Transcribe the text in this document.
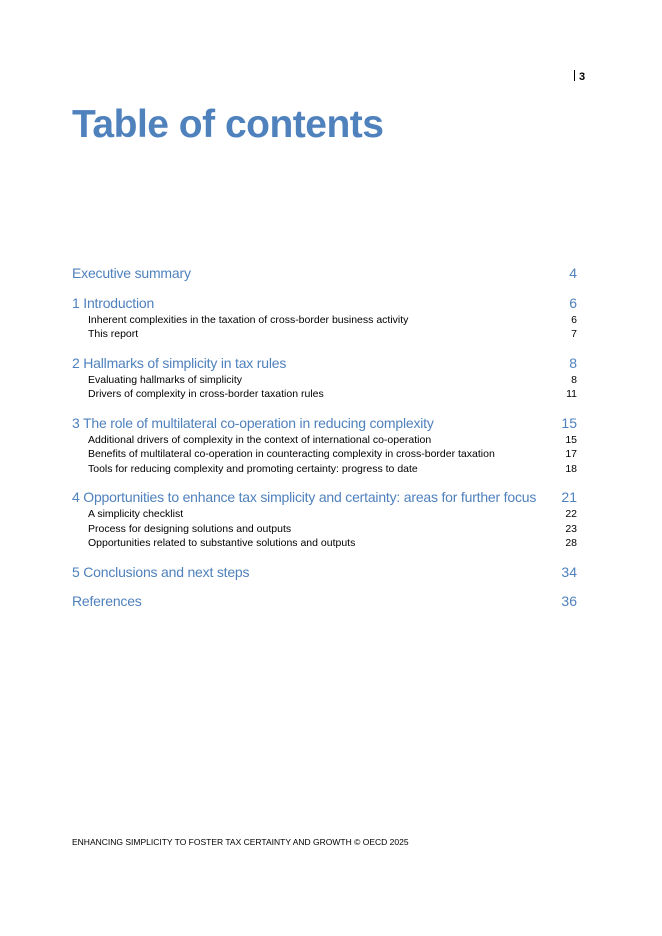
3
Table of contents
Executive summary	4
1 Introduction	6
Inherent complexities in the taxation of cross-border business activity	6
This report	7
2 Hallmarks of simplicity in tax rules	8
Evaluating hallmarks of simplicity	8
Drivers of complexity in cross-border taxation rules	11
3 The role of multilateral co-operation in reducing complexity	15
Additional drivers of complexity in the context of international co-operation	15
Benefits of multilateral co-operation in counteracting complexity in cross-border taxation	17
Tools for reducing complexity and promoting certainty: progress to date	18
4 Opportunities to enhance tax simplicity and certainty: areas for further focus 21
A simplicity checklist	22
Process for designing solutions and outputs	23
Opportunities related to substantive solutions and outputs	28
5 Conclusions and next steps	34
References	36
ENHANCING SIMPLICITY TO FOSTER TAX CERTAINTY AND GROWTH © OECD 2025
